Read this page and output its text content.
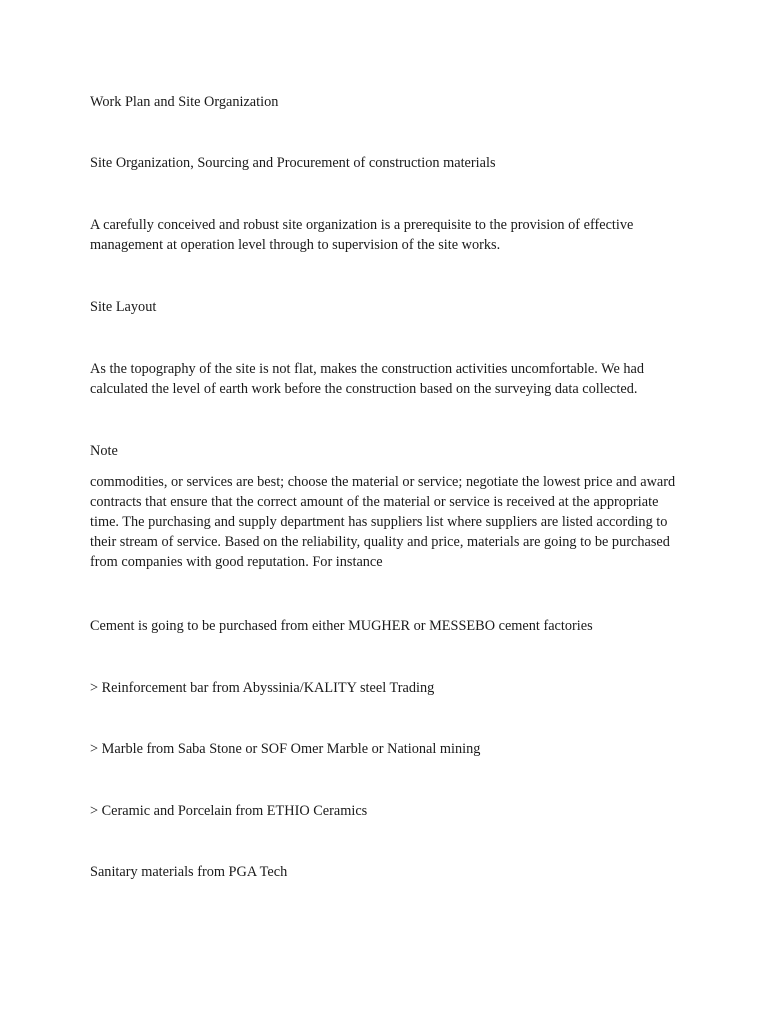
Work Plan and Site Organization

Site Organization, Sourcing and Procurement of construction materials

A carefully conceived and robust site organization is a prerequisite to the provision of effective management at operation level through to supervision of the site works.

Site Layout

As the topography of the site is not flat, makes the construction activities uncomfortable. We had calculated the level of earth work before the construction based on the surveying data collected.

Note

commodities, or services are best; choose the material or service; negotiate the lowest price and award contracts that ensure that the correct amount of the material or service is received at the appropriate time. The purchasing and supply department has suppliers list where suppliers are listed according to their stream of service. Based on the reliability, quality and price, materials are going to be purchased from companies with good reputation. For instance

Cement is going to be purchased from either MUGHER or MESSEBO cement factories

> Reinforcement bar from Abyssinia/KALITY steel Trading

> Marble from Saba Stone or SOF Omer Marble or National mining

> Ceramic and Porcelain from ETHIO Ceramics

Sanitary materials from PGA Tech
